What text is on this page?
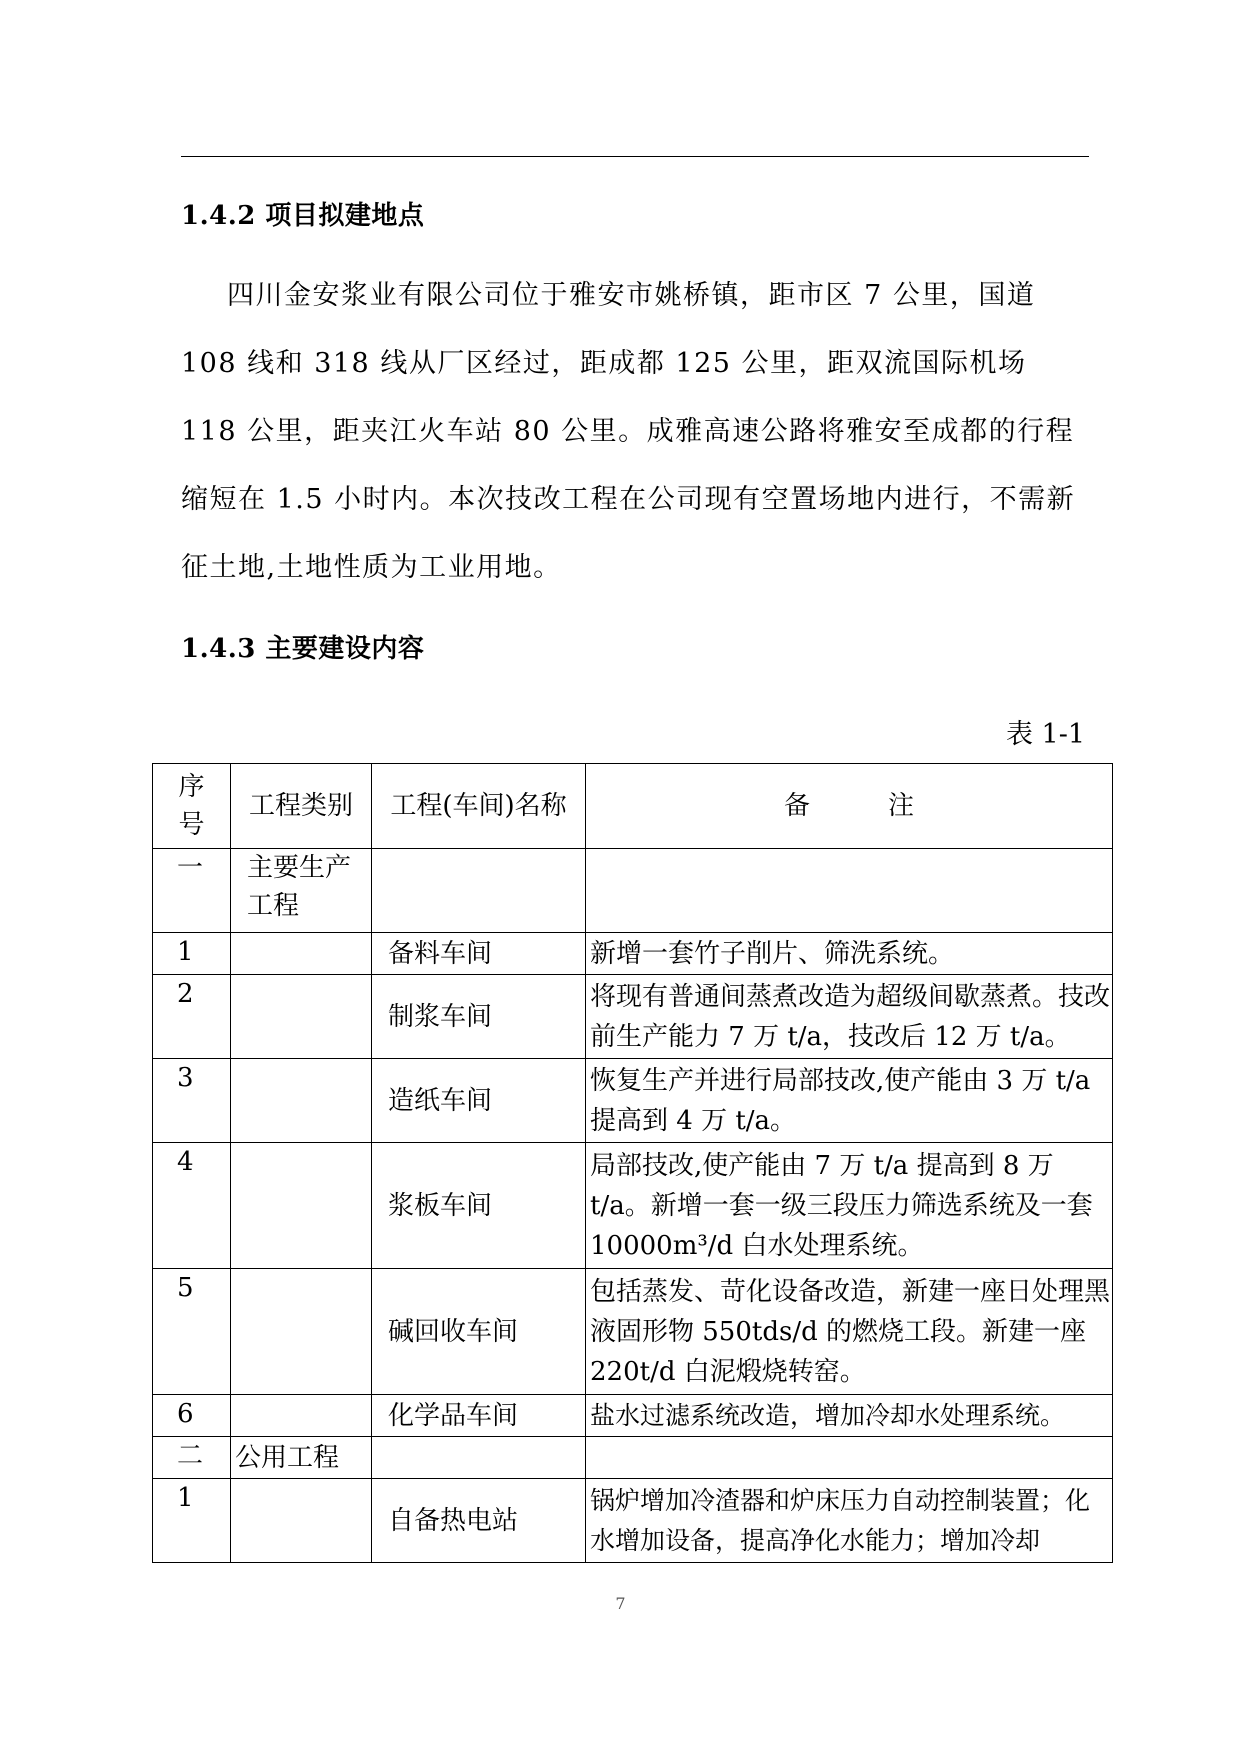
1.4.2 项目拟建地点

四川金安浆业有限公司位于雅安市姚桥镇，距市区 7 公里，国道 108 线和 318 线从厂区经过，距成都 125 公里，距双流国际机场 118 公里，距夹江火车站 80 公里。成雅高速公路将雅安至成都的行程缩短在 1.5 小时内。本次技改工程在公司现有空置场地内进行，不需新征土地,土地性质为工业用地。

1.4.3 主要建设内容

表 1-1

序号	工程类别	工程(车间)名称	备　　　注
一	主要生产工程		
1		备料车间	新增一套竹子削片、筛洗系统。
2		制浆车间	将现有普通间蒸煮改造为超级间歇蒸煮。技改前生产能力 7 万 t/a，技改后 12 万 t/a。
3		造纸车间	恢复生产并进行局部技改,使产能由 3 万 t/a 提高到 4 万 t/a。
4		浆板车间	局部技改,使产能由 7 万 t/a 提高到 8 万 t/a。新增一套一级三段压力筛选系统及一套 10000m³/d 白水处理系统。
5		碱回收车间	包括蒸发、苛化设备改造，新建一座日处理黑液固形物 550tds/d 的燃烧工段。新建一座 220t/d 白泥煅烧转窑。
6		化学品车间	盐水过滤系统改造，增加冷却水处理系统。
二	公用工程		
1		自备热电站	锅炉增加冷渣器和炉床压力自动控制装置；化水增加设备，提高净化水能力；增加冷却
7
